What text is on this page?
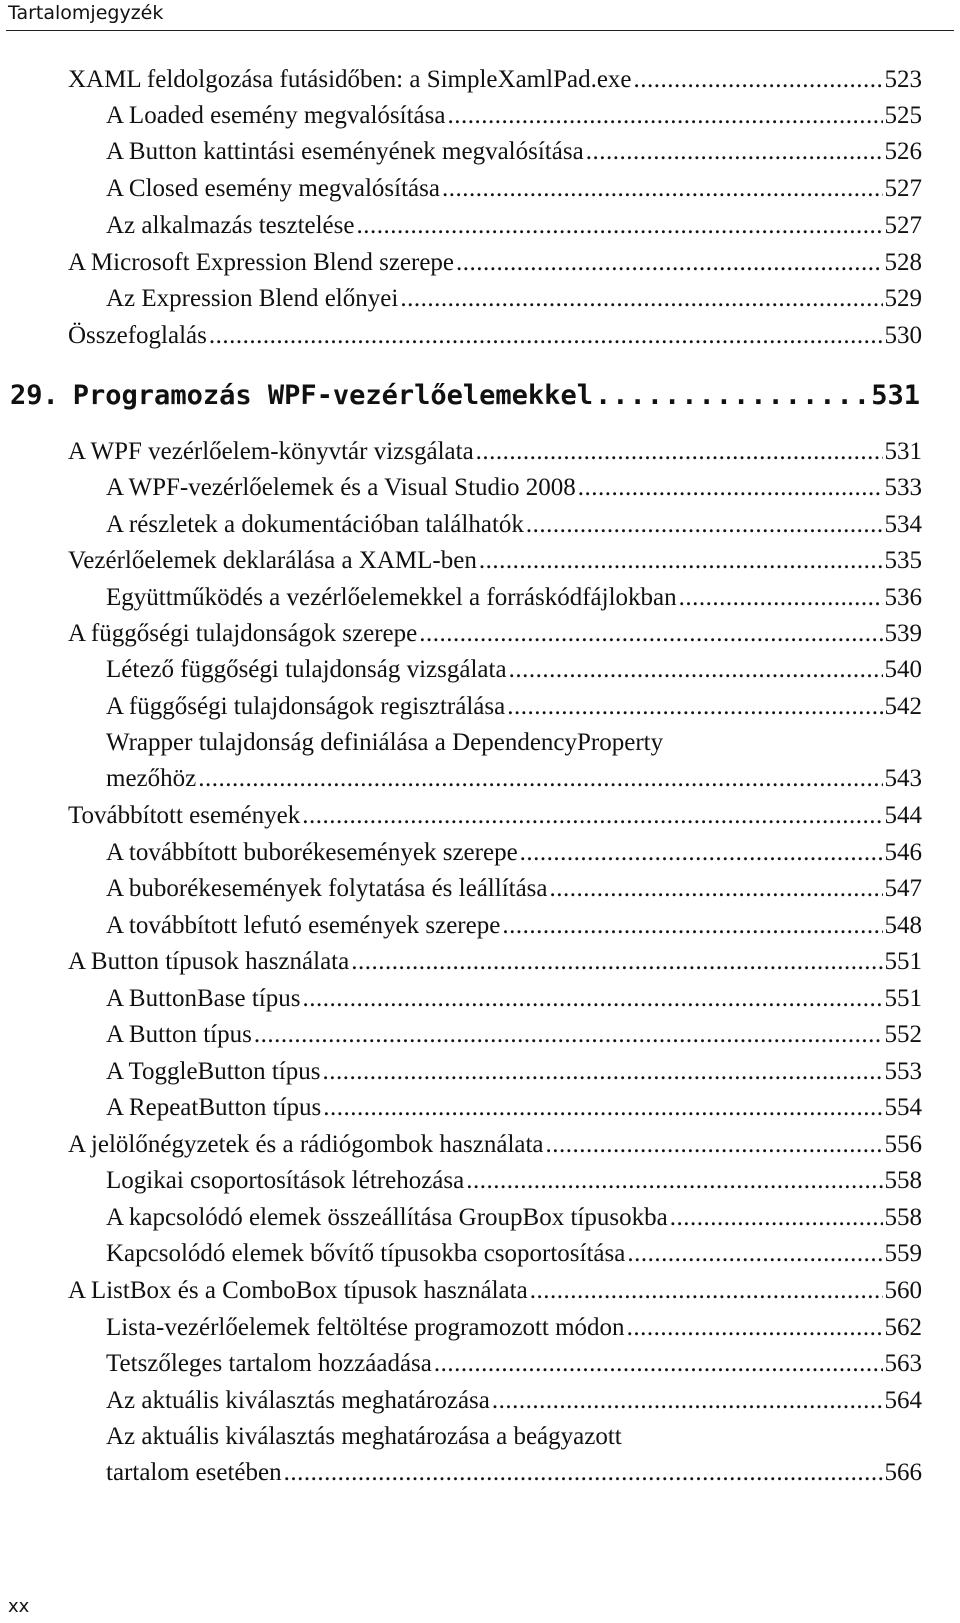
Tartalomjegyzék
XAML feldolgozása futásidőben: a SimpleXamlPad.exe .....	523
A Loaded esemény megvalósítása .....	525
A Button kattintási eseményének megvalósítása .....	526
A Closed esemény megvalósítása .....	527
Az alkalmazás tesztelése .....	527
A Microsoft Expression Blend szerepe .....	528
Az Expression Blend előnyei .....	529
Összefoglalás .....	530
29. Programozás WPF-vezérlőelemekkel .....	531
A WPF vezérlőelem-könyvtár vizsgálata .....	531
A WPF-vezérlőelemek és a Visual Studio 2008 .....	533
A részletek a dokumentációban találhatók .....	534
Vezérlőelemek deklarálása a XAML-ben .....	535
Együttműködés a vezérlőelemekkel a forráskódfájlokban .....	536
A függőségi tulajdonságok szerepe .....	539
Létező függőségi tulajdonság vizsgálata .....	540
A függőségi tulajdonságok regisztrálása .....	542
Wrapper tulajdonság definiálása a DependencyProperty
mezőhöz .....	543
Továbbított események .....	544
A továbbított buborékesemények szerepe .....	546
A buborékesemények folytatása és leállítása .....	547
A továbbított lefutó események szerepe .....	548
A Button típusok használata .....	551
A ButtonBase típus .....	551
A Button típus .....	552
A ToggleButton típus .....	553
A RepeatButton típus .....	554
A jelölőnégyzetek és a rádiógombok használata .....	556
Logikai csoportosítások létrehozása .....	558
A kapcsolódó elemek összeállítása GroupBox típusokba .....	558
Kapcsolódó elemek bővítő típusokba csoportosítása .....	559
A ListBox és a ComboBox típusok használata .....	560
Lista-vezérlőelemek feltöltése programozott módon .....	562
Tetszőleges tartalom hozzáadása .....	563
Az aktuális kiválasztás meghatározása .....	564
Az aktuális kiválasztás meghatározása a beágyazott
tartalom esetében .....	566
xx
